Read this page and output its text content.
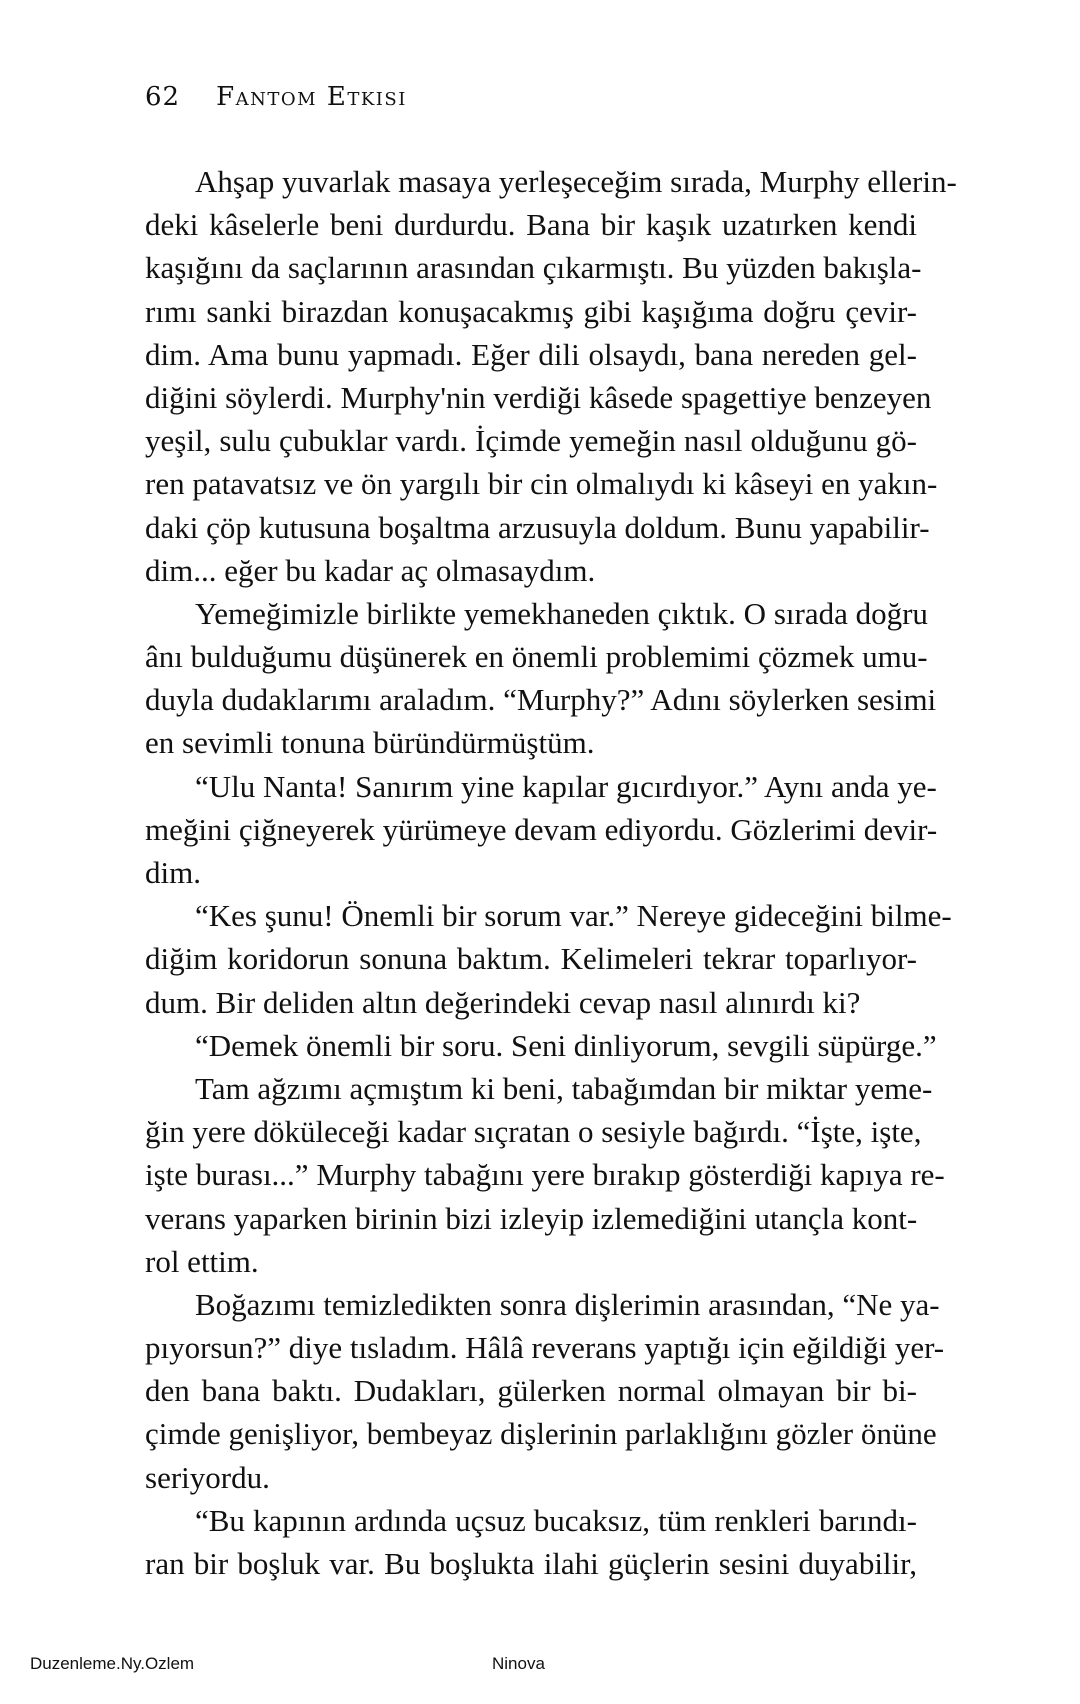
62 Fantom Etkisi
Ahşap yuvarlak masaya yerleşeceğim sırada, Murphy ellerin-
deki kâselerle beni durdurdu. Bana bir kaşık uzatırken kendi
kaşığını da saçlarının arasından çıkarmıştı. Bu yüzden bakışla-
rımı sanki birazdan konuşacakmış gibi kaşığıma doğru çevir-
dim. Ama bunu yapmadı. Eğer dili olsaydı, bana nereden gel-
diğini söylerdi. Murphy'nin verdiği kâsede spagettiye benzeyen
yeşil, sulu çubuklar vardı. İçimde yemeğin nasıl olduğunu gö-
ren patavatsız ve ön yargılı bir cin olmalıydı ki kâseyi en yakın-
daki çöp kutusuna boşaltma arzusuyla doldum. Bunu yapabilir-
dim... eğer bu kadar aç olmasaydım.
Yemeğimizle birlikte yemekhaneden çıktık. O sırada doğru
ânı bulduğumu düşünerek en önemli problemimi çözmek umu-
duyla dudaklarımı araladım. “Murphy?” Adını söylerken sesimi
en sevimli tonuna büründürmüştüm.
“Ulu Nanta! Sanırım yine kapılar gıcırdıyor.” Aynı anda ye-
meğini çiğneyerek yürümeye devam ediyordu. Gözlerimi devir-
dim.
“Kes şunu! Önemli bir sorum var.” Nereye gideceğini bilme-
diğim koridorun sonuna baktım. Kelimeleri tekrar toparlıyor-
dum. Bir deliden altın değerindeki cevap nasıl alınırdı ki?
“Demek önemli bir soru. Seni dinliyorum, sevgili süpürge.”
Tam ağzımı açmıştım ki beni, tabağımdan bir miktar yeme-
ğin yere döküleceği kadar sıçratan o sesiyle bağırdı. “İşte, işte,
işte burası...” Murphy tabağını yere bırakıp gösterdiği kapıya re-
verans yaparken birinin bizi izleyip izlemediğini utançla kont-
rol ettim.
Boğazımı temizledikten sonra dişlerimin arasından, “Ne ya-
pıyorsun?” diye tısladım. Hâlâ reverans yaptığı için eğildiği yer-
den bana baktı. Dudakları, gülerken normal olmayan bir bi-
çimde genişliyor, bembeyaz dişlerinin parlaklığını gözler önüne
seriyordu.
“Bu kapının ardında uçsuz bucaksız, tüm renkleri barındı-
ran bir boşluk var. Bu boşlukta ilahi güçlerin sesini duyabilir,
Duzenleme.Ny.Ozlem	Ninova
